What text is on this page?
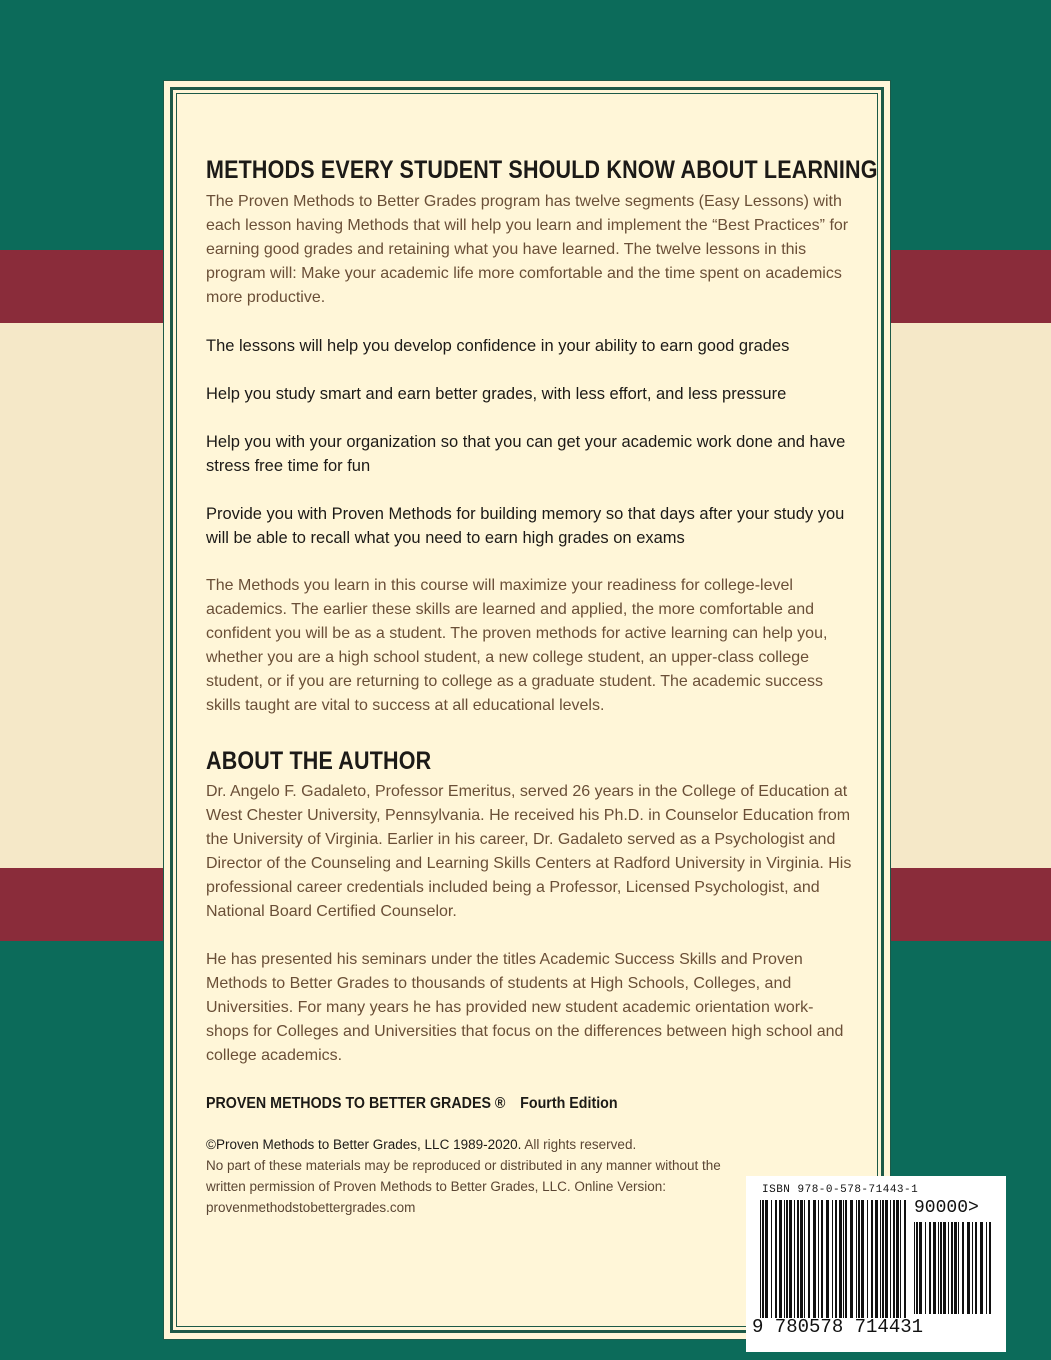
METHODS EVERY STUDENT SHOULD KNOW ABOUT LEARNING

The Proven Methods to Better Grades program has twelve segments (Easy Lessons) with each lesson having Methods that will help you learn and implement the “Best Practices” for earning good grades and retaining what you have learned. The twelve lessons in this program will: Make your academic life more comfortable and the time spent on academics more productive.

The lessons will help you develop confidence in your ability to earn good grades

Help you study smart and earn better grades, with less effort, and less pressure

Help you with your organization so that you can get your academic work done and have stress free time for fun

Provide you with Proven Methods for building memory so that days after your study you will be able to recall what you need to earn high grades on exams

The Methods you learn in this course will maximize your readiness for college-level academics. The earlier these skills are learned and applied, the more comfortable and confident you will be as a student. The proven methods for active learning can help you, whether you are a high school student, a new college student, an upper-class college student, or if you are returning to college as a graduate student. The academic success skills taught are vital to success at all educational levels.

ABOUT THE AUTHOR

Dr. Angelo F. Gadaleto, Professor Emeritus, served 26 years in the College of Education at West Chester University, Pennsylvania. He received his Ph.D. in Counselor Education from the University of Virginia. Earlier in his career, Dr. Gadaleto served as a Psychologist and Director of the Counseling and Learning Skills Centers at Radford University in Virginia. His professional career credentials included being a Professor, Licensed Psychologist, and National Board Certified Counselor.

He has presented his seminars under the titles Academic Success Skills and Proven Methods to Better Grades to thousands of students at High Schools, Colleges, and Universities. For many years he has provided new student academic orientation work-shops for Colleges and Universities that focus on the differences between high school and college academics.

PROVEN METHODS TO BETTER GRADES ® Fourth Edition
©Proven Methods to Better Grades, LLC 1989-2020. All rights reserved.
No part of these materials may be reproduced or distributed in any manner without the written permission of Proven Methods to Better Grades, LLC. Online Version: provenmethodstobettergrades.com
ISBN 978-0-578-71443-1
90000>
9 780578 714431
